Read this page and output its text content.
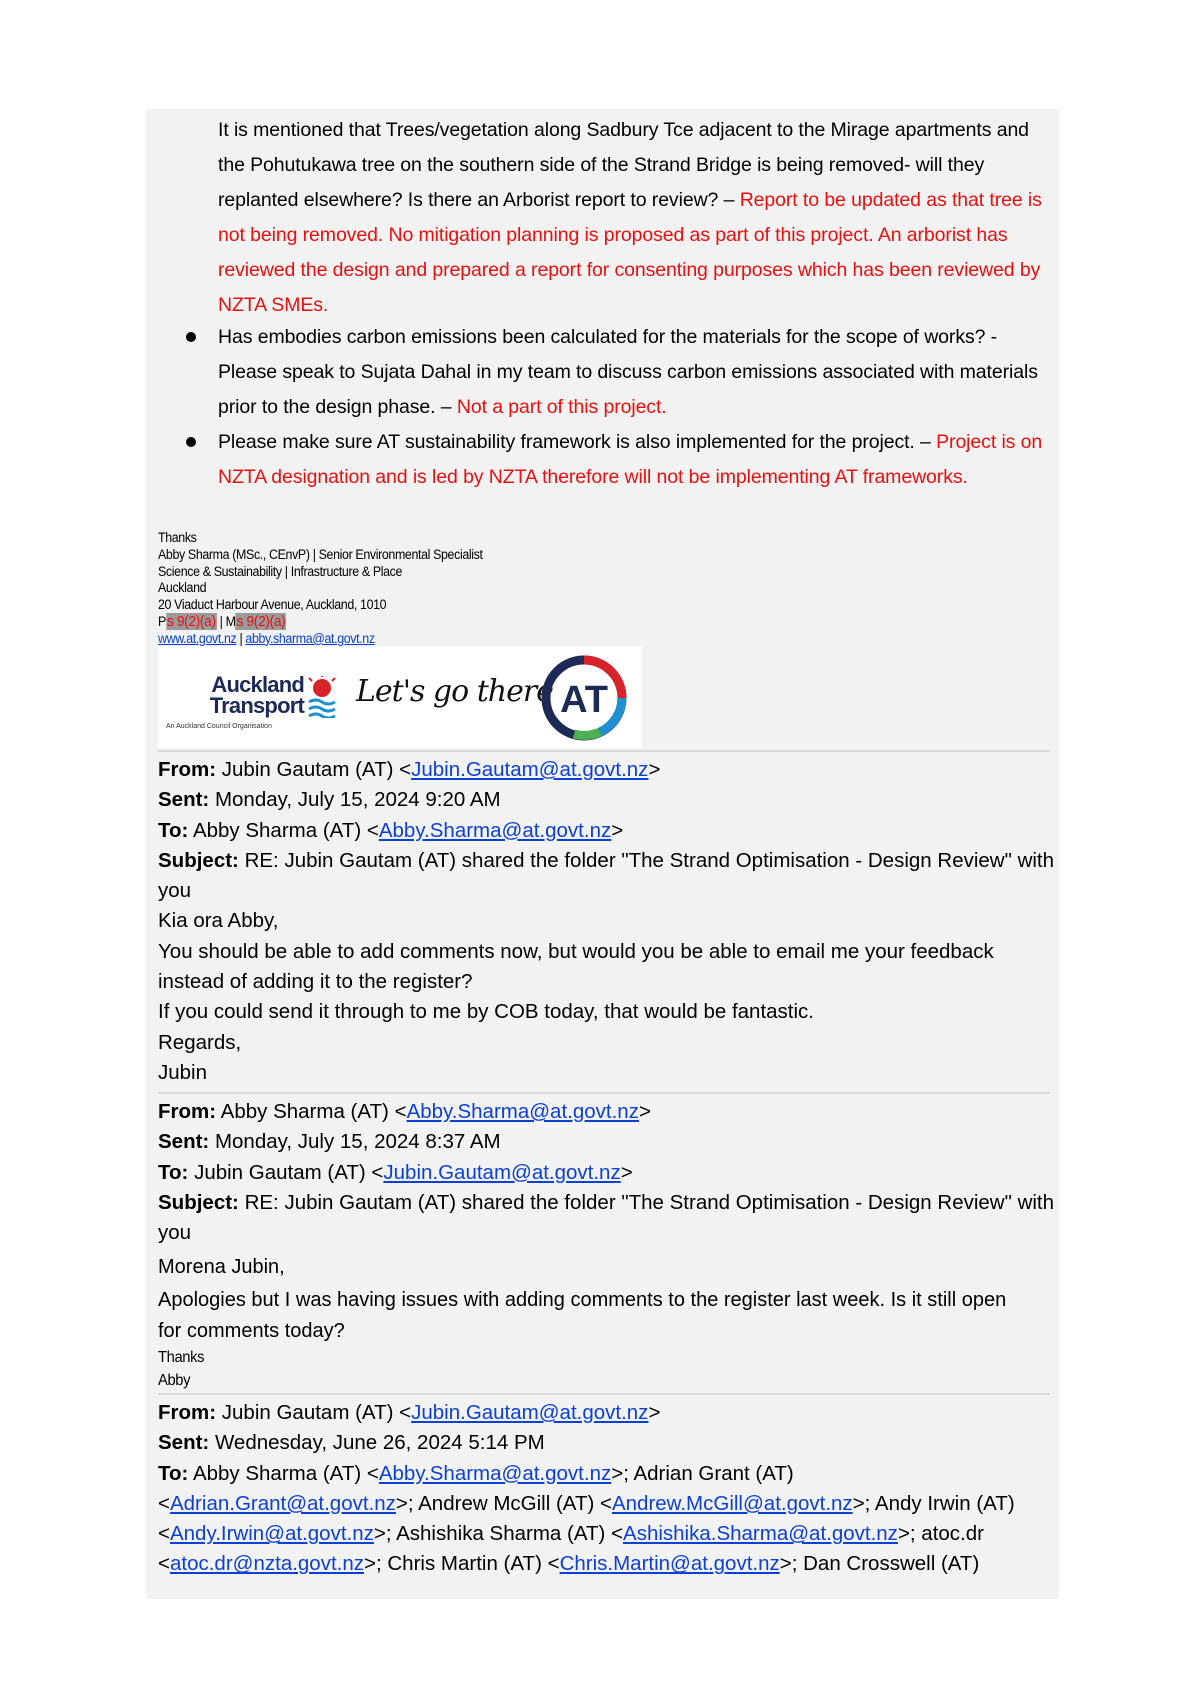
It is mentioned that Trees/vegetation along Sadbury Tce adjacent to the Mirage apartments and the Pohutukawa tree on the southern side of the Strand Bridge is being removed- will they replanted elsewhere? Is there an Arborist report to review? – Report to be updated as that tree is not being removed. No mitigation planning is proposed as part of this project. An arborist has reviewed the design and prepared a report for consenting purposes which has been reviewed by NZTA SMEs.
Has embodies carbon emissions been calculated for the materials for the scope of works? - Please speak to Sujata Dahal in my team to discuss carbon emissions associated with materials prior to the design phase. – Not a part of this project.
Please make sure AT sustainability framework is also implemented for the project. – Project is on NZTA designation and is led by NZTA therefore will not be implementing AT frameworks.
Thanks
Abby Sharma (MSc., CEnvP) | Senior Environmental Specialist
Science & Sustainability | Infrastructure & Place
Auckland
20 Viaduct Harbour Avenue, Auckland, 1010
Ps 9(2)(a) | Ms 9(2)(a)
www.at.govt.nz | abby.sharma@at.govt.nz
Auckland
Transport
An Auckland Council Organisation
Let's go there AT
From: Jubin Gautam (AT) <Jubin.Gautam@at.govt.nz>
Sent: Monday, July 15, 2024 9:20 AM
To: Abby Sharma (AT) <Abby.Sharma@at.govt.nz>
Subject: RE: Jubin Gautam (AT) shared the folder "The Strand Optimisation - Design Review" with
you
Kia ora Abby,
You should be able to add comments now, but would you be able to email me your feedback
instead of adding it to the register?
If you could send it through to me by COB today, that would be fantastic.
Regards,
Jubin
From: Abby Sharma (AT) <Abby.Sharma@at.govt.nz>
Sent: Monday, July 15, 2024 8:37 AM
To: Jubin Gautam (AT) <Jubin.Gautam@at.govt.nz>
Subject: RE: Jubin Gautam (AT) shared the folder "The Strand Optimisation - Design Review" with
you
Morena Jubin,
Apologies but I was having issues with adding comments to the register last week. Is it still open
for comments today?
Thanks
Abby
From: Jubin Gautam (AT) <Jubin.Gautam@at.govt.nz>
Sent: Wednesday, June 26, 2024 5:14 PM
To: Abby Sharma (AT) <Abby.Sharma@at.govt.nz>; Adrian Grant (AT)
<Adrian.Grant@at.govt.nz>; Andrew McGill (AT) <Andrew.McGill@at.govt.nz>; Andy Irwin (AT)
<Andy.Irwin@at.govt.nz>; Ashishika Sharma (AT) <Ashishika.Sharma@at.govt.nz>; atoc.dr
<atoc.dr@nzta.govt.nz>; Chris Martin (AT) <Chris.Martin@at.govt.nz>; Dan Crosswell (AT)
